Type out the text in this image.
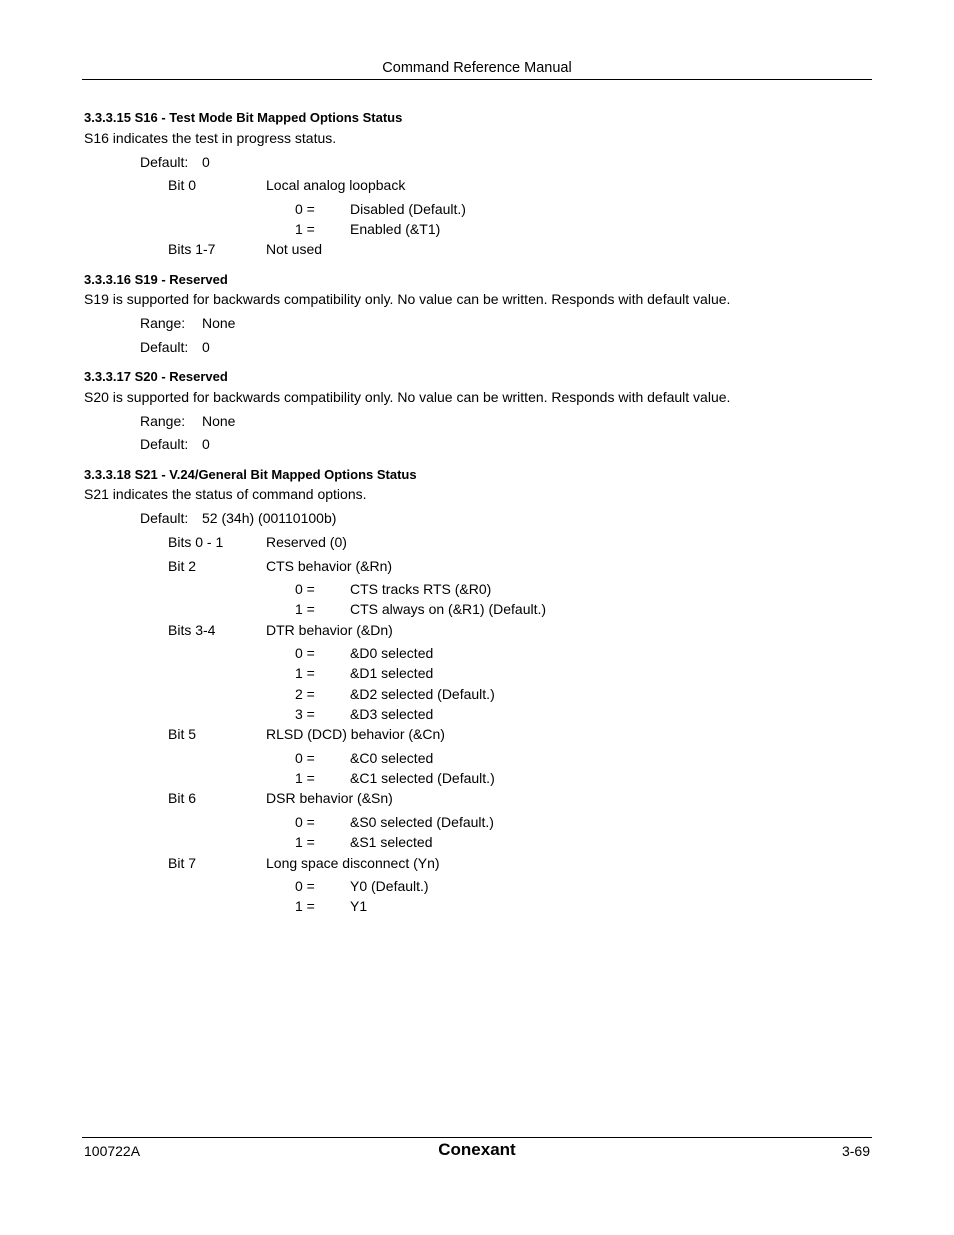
Command Reference Manual
3.3.3.15 S16 - Test Mode Bit Mapped Options Status
S16 indicates the test in progress status.
Default: 0
Bit 0	Local analog loopback
0 =	Disabled (Default.)
1 =	Enabled (&T1)
Bits 1-7	Not used
3.3.3.16 S19 - Reserved
S19 is supported for backwards compatibility only. No value can be written. Responds with default value.
Range: None
Default: 0
3.3.3.17 S20 - Reserved
S20 is supported for backwards compatibility only. No value can be written. Responds with default value.
Range: None
Default: 0
3.3.3.18 S21 - V.24/General Bit Mapped Options Status
S21 indicates the status of command options.
Default: 52 (34h) (00110100b)
Bits 0 - 1	Reserved (0)
Bit 2	CTS behavior (&Rn)
0 =	CTS tracks RTS (&R0)
1 =	CTS always on (&R1) (Default.)
Bits 3-4	DTR behavior (&Dn)
0 =	&D0 selected
1 =	&D1 selected
2 =	&D2 selected (Default.)
3 =	&D3 selected
Bit 5	RLSD (DCD) behavior (&Cn)
0 =	&C0 selected
1 =	&C1 selected (Default.)
Bit 6	DSR behavior (&Sn)
0 =	&S0 selected (Default.)
1 =	&S1 selected
Bit 7	Long space disconnect (Yn)
0 =	Y0 (Default.)
1 =	Y1
100722A	Conexant	3-69
